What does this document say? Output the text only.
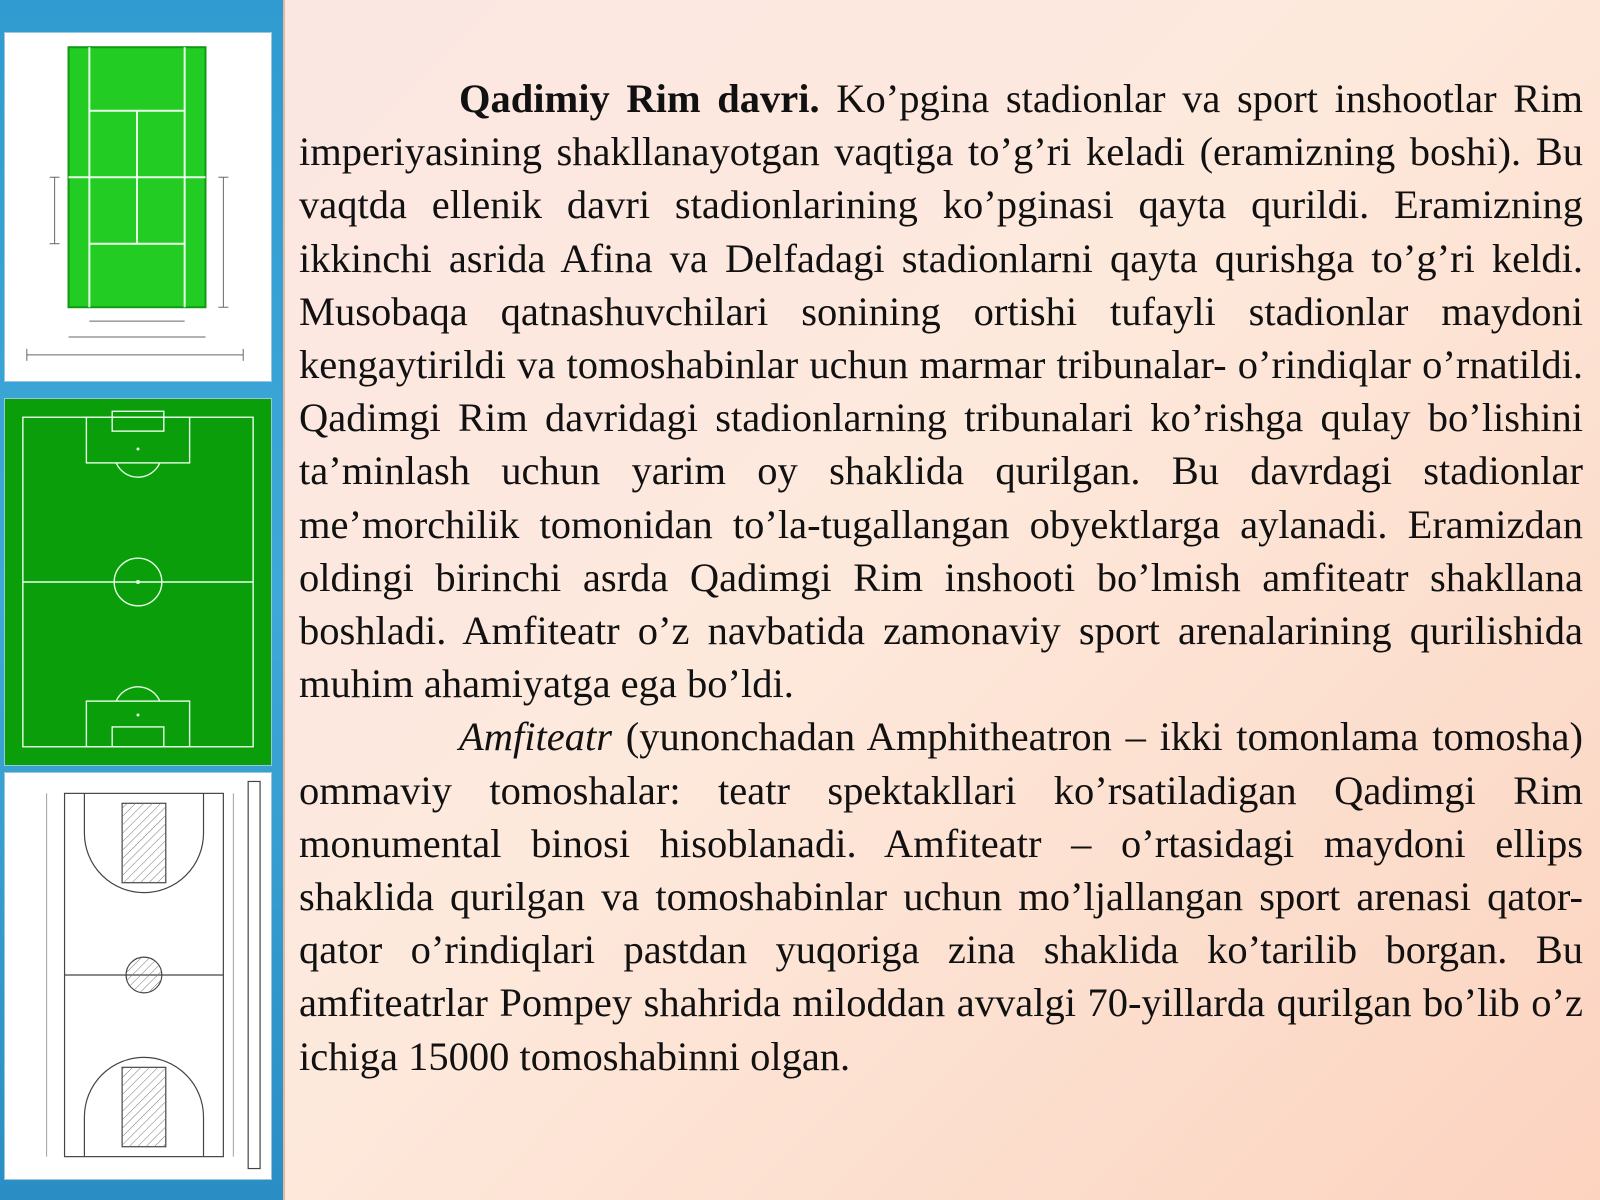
Qadimiy Rim davri. Ko’pgina stadionlar va sport inshootlar Rim imperiyasining shakllanayotgan vaqtiga to’g’ri keladi (eramizning boshi). Bu vaqtda ellenik davri stadionlarining ko’pginasi qayta qurildi. Eramizning ikkinchi asrida Afina va Delfadagi stadionlarni qayta qurishga to’g’ri keldi. Musobaqa qatnashuvchilari sonining ortishi tufayli stadionlar maydoni kengaytirildi va tomoshabinlar uchun marmar tribunalar- o’rindiqlar o’rnatildi. Qadimgi Rim davridagi stadionlarning tribunalari ko’rishga qulay bo’lishini ta’minlash uchun yarim oy shaklida qurilgan. Bu davrdagi stadionlar me’morchilik tomonidan to’la-tugallangan obyektlarga aylanadi. Eramizdan oldingi birinchi asrda Qadimgi Rim inshooti bo’lmish amfiteatr shakllana boshladi. Amfiteatr o’z navbatida zamonaviy sport arenalarining qurilishida muhim ahamiyatga ega bo’ldi.

Amfiteatr (yunonchadan Amphitheatron – ikki tomonlama tomosha) ommaviy tomoshalar: teatr spektakllari ko’rsatiladigan Qadimgi Rim monumental binosi hisoblanadi. Amfiteatr – o’rtasidagi maydoni ellips shaklida qurilgan va tomoshabinlar uchun mo’ljallangan sport arenasi qator- qator o’rindiqlari pastdan yuqoriga zina shaklida ko’tarilib borgan. Bu amfiteatrlar Pompey shahrida miloddan avvalgi 70-yillarda qurilgan bo’lib o’z ichiga 15000 tomoshabinni olgan.
